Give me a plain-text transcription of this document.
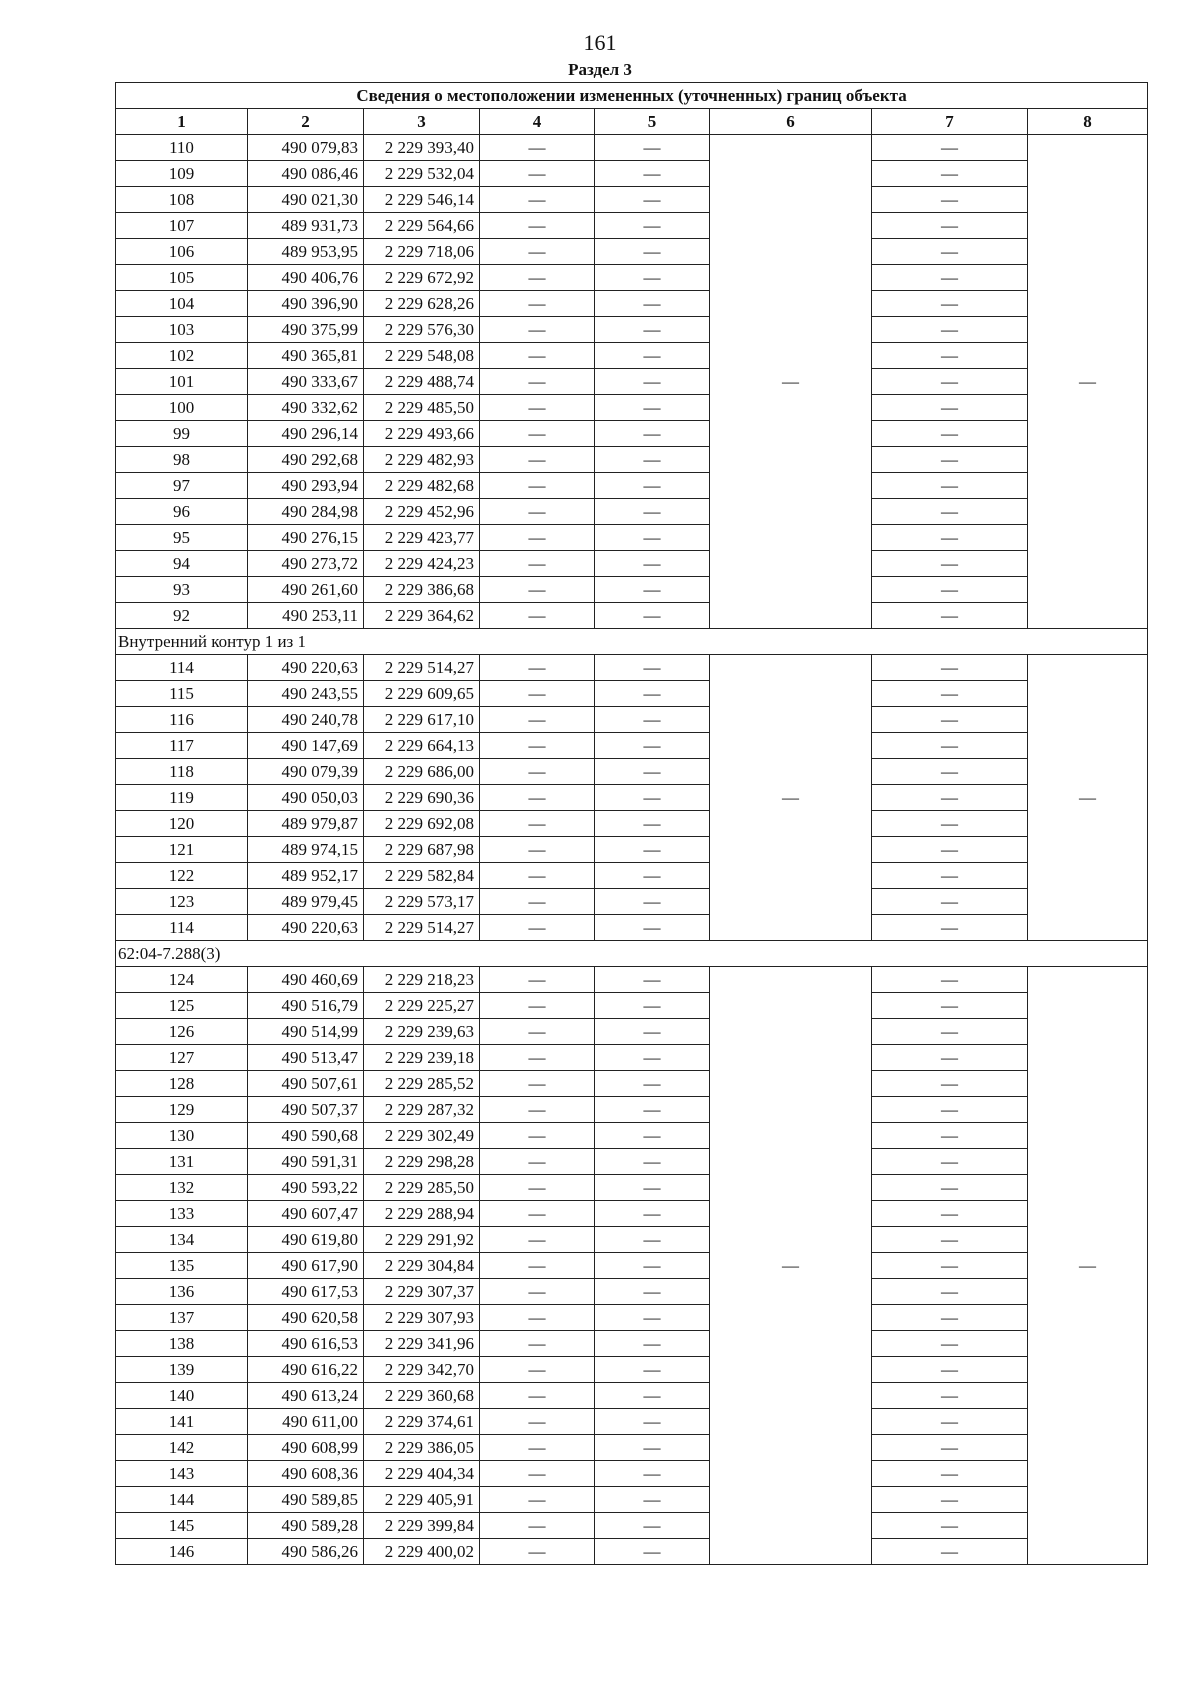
161
Раздел 3
Сведения о местоположении измененных (уточненных) границ объекта							
1	2	3	4	5	6	7	8
110	490 079,83	2 229 393,40	—	—	—	—	—
109	490 086,46	2 229 532,04	—	—		—	
108	490 021,30	2 229 546,14	—	—		—	
107	489 931,73	2 229 564,66	—	—		—	
106	489 953,95	2 229 718,06	—	—		—	
105	490 406,76	2 229 672,92	—	—		—	
104	490 396,90	2 229 628,26	—	—		—	
103	490 375,99	2 229 576,30	—	—		—	
102	490 365,81	2 229 548,08	—	—		—	
101	490 333,67	2 229 488,74	—	—		—	
100	490 332,62	2 229 485,50	—	—		—	
99	490 296,14	2 229 493,66	—	—		—	
98	490 292,68	2 229 482,93	—	—		—	
97	490 293,94	2 229 482,68	—	—		—	
96	490 284,98	2 229 452,96	—	—		—	
95	490 276,15	2 229 423,77	—	—		—	
94	490 273,72	2 229 424,23	—	—		—	
93	490 261,60	2 229 386,68	—	—		—	
92	490 253,11	2 229 364,62	—	—		—	
Внутренний контур 1 из 1							
114	490 220,63	2 229 514,27	—	—	—	—	—
115	490 243,55	2 229 609,65	—	—		—	
116	490 240,78	2 229 617,10	—	—		—	
117	490 147,69	2 229 664,13	—	—		—	
118	490 079,39	2 229 686,00	—	—		—	
119	490 050,03	2 229 690,36	—	—		—	
120	489 979,87	2 229 692,08	—	—		—	
121	489 974,15	2 229 687,98	—	—		—	
122	489 952,17	2 229 582,84	—	—		—	
123	489 979,45	2 229 573,17	—	—		—	
114	490 220,63	2 229 514,27	—	—		—	
62:04-7.288(3)							
124	490 460,69	2 229 218,23	—	—	—	—	—
125	490 516,79	2 229 225,27	—	—		—	
126	490 514,99	2 229 239,63	—	—		—	
127	490 513,47	2 229 239,18	—	—		—	
128	490 507,61	2 229 285,52	—	—		—	
129	490 507,37	2 229 287,32	—	—		—	
130	490 590,68	2 229 302,49	—	—		—	
131	490 591,31	2 229 298,28	—	—		—	
132	490 593,22	2 229 285,50	—	—		—	
133	490 607,47	2 229 288,94	—	—		—	
134	490 619,80	2 229 291,92	—	—		—	
135	490 617,90	2 229 304,84	—	—		—	
136	490 617,53	2 229 307,37	—	—		—	
137	490 620,58	2 229 307,93	—	—		—	
138	490 616,53	2 229 341,96	—	—		—	
139	490 616,22	2 229 342,70	—	—		—	
140	490 613,24	2 229 360,68	—	—		—	
141	490 611,00	2 229 374,61	—	—		—	
142	490 608,99	2 229 386,05	—	—		—	
143	490 608,36	2 229 404,34	—	—		—	
144	490 589,85	2 229 405,91	—	—		—	
145	490 589,28	2 229 399,84	—	—		—	
146	490 586,26	2 229 400,02	—	—		—	
